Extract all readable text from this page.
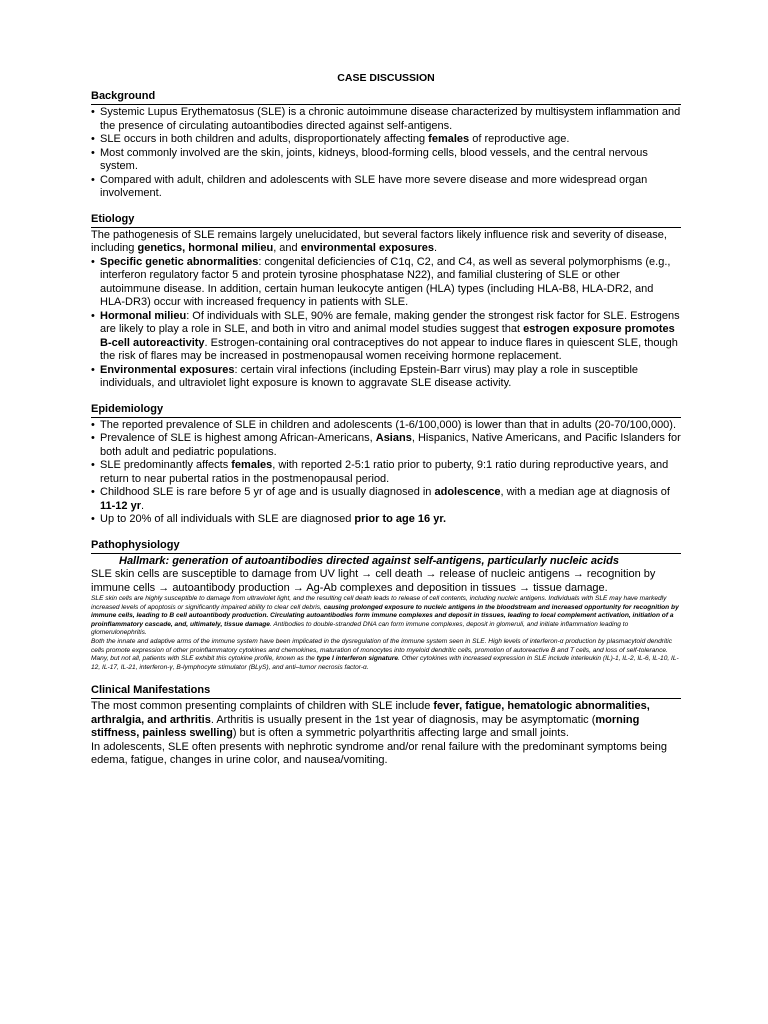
CASE DISCUSSION
Background
• Systemic Lupus Erythematosus (SLE) is a chronic autoimmune disease characterized by multisystem inflammation and the presence of circulating autoantibodies directed against self-antigens.
• SLE occurs in both children and adults, disproportionately affecting females of reproductive age.
• Most commonly involved are the skin, joints, kidneys, blood-forming cells, blood vessels, and the central nervous system.
• Compared with adult, children and adolescents with SLE have more severe disease and more widespread organ involvement.
Etiology

The pathogenesis of SLE remains largely unelucidated, but several factors likely influence risk and severity of disease, including genetics, hormonal milieu, and environmental exposures.

• Specific genetic abnormalities: congenital deficiencies of C1q, C2, and C4, as well as several polymorphisms (e.g., interferon regulatory factor 5 and protein tyrosine phosphatase N22), and familial clustering of SLE or other autoimmune disease. In addition, certain human leukocyte antigen (HLA) types (including HLA-B8, HLA-DR2, and HLA-DR3) occur with increased frequency in patients with SLE.
• Hormonal milieu: Of individuals with SLE, 90% are female, making gender the strongest risk factor for SLE. Estrogens are likely to play a role in SLE, and both in vitro and animal model studies suggest that estrogen exposure promotes B-cell autoreactivity. Estrogen-containing oral contraceptives do not appear to induce flares in quiescent SLE, though the risk of flares may be increased in postmenopausal women receiving hormone replacement.
• Environmental exposures: certain viral infections (including Epstein-Barr virus) may play a role in susceptible individuals, and ultraviolet light exposure is known to aggravate SLE disease activity.
Epidemiology
• The reported prevalence of SLE in children and adolescents (1-6/100,000) is lower than that in adults (20-70/100,000).
• Prevalence of SLE is highest among African-Americans, Asians, Hispanics, Native Americans, and Pacific Islanders for both adult and pediatric populations.
• SLE predominantly affects females, with reported 2-5:1 ratio prior to puberty, 9:1 ratio during reproductive years, and return to near pubertal ratios in the postmenopausal period.
• Childhood SLE is rare before 5 yr of age and is usually diagnosed in adolescence, with a median age at diagnosis of 11-12 yr.
• Up to 20% of all individuals with SLE are diagnosed prior to age 16 yr.
Pathophysiology

Hallmark: generation of autoantibodies directed against self-antigens, particularly nucleic acids

SLE skin cells are susceptible to damage from UV light → cell death → release of nucleic antigens → recognition by immune cells → autoantibody production → Ag-Ab complexes and deposition in tissues → tissue damage.

SLE skin cells are highly susceptible to damage from ultraviolet light, and the resulting cell death leads to release of cell contents, including nucleic antigens. Individuals with SLE may have markedly increased levels of apoptosis or significantly impaired ability to clear cell debris, causing prolonged exposure to nucleic antigens in the bloodstream and increased opportunity for recognition by immune cells, leading to B cell autoantibody production. Circulating autoantibodies form immune complexes and deposit in tissues, leading to local complement activation, initiation of a proinflammatory cascade, and, ultimately, tissue damage. Antibodies to double-stranded DNA can form immune complexes, deposit in glomeruli, and initiate inflammation leading to glomerulonephritis.

Both the innate and adaptive arms of the immune system have been implicated in the dysregulation of the immune system seen in SLE. High levels of interferon-α production by plasmacytoid dendritic cells promote expression of other proinflammatory cytokines and chemokines, maturation of monocytes into myeloid dendritic cells, promotion of autoreactive B and T cells, and loss of self-tolerance. Many, but not all, patients with SLE exhibit this cytokine profile, known as the type I interferon signature. Other cytokines with increased expression in SLE include interleukin (IL)-1, IL-2, IL-6, IL-10, IL-12, IL-17, IL-21, interferon-γ, B-lymphocyte stimulator (BLyS), and anti–tumor necrosis factor-α.

Clinical Manifestations

The most common presenting complaints of children with SLE include fever, fatigue, hematologic abnormalities, arthralgia, and arthritis. Arthritis is usually present in the 1st year of diagnosis, may be asymptomatic (morning stiffness, painless swelling) but is often a symmetric polyarthritis affecting large and small joints.

In adolescents, SLE often presents with nephrotic syndrome and/or renal failure with the predominant symptoms being edema, fatigue, changes in urine color, and nausea/vomiting.
